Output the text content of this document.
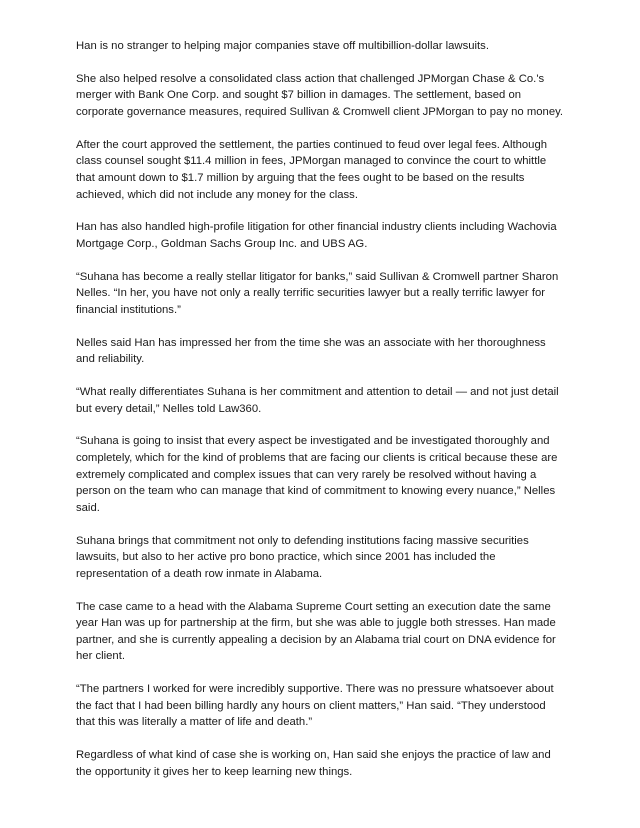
Han is no stranger to helping major companies stave off multibillion-dollar lawsuits.

She also helped resolve a consolidated class action that challenged JPMorgan Chase & Co.'s merger with Bank One Corp. and sought $7 billion in damages. The settlement, based on corporate governance measures, required Sullivan & Cromwell client JPMorgan to pay no money.

After the court approved the settlement, the parties continued to feud over legal fees. Although class counsel sought $11.4 million in fees, JPMorgan managed to convince the court to whittle that amount down to $1.7 million by arguing that the fees ought to be based on the results achieved, which did not include any money for the class.

Han has also handled high-profile litigation for other financial industry clients including Wachovia Mortgage Corp., Goldman Sachs Group Inc. and UBS AG.

“Suhana has become a really stellar litigator for banks,” said Sullivan & Cromwell partner Sharon Nelles. “In her, you have not only a really terrific securities lawyer but a really terrific lawyer for financial institutions.”

Nelles said Han has impressed her from the time she was an associate with her thoroughness and reliability.

“What really differentiates Suhana is her commitment and attention to detail — and not just detail but every detail,” Nelles told Law360.

“Suhana is going to insist that every aspect be investigated and be investigated thoroughly and completely, which for the kind of problems that are facing our clients is critical because these are extremely complicated and complex issues that can very rarely be resolved without having a person on the team who can manage that kind of commitment to knowing every nuance,” Nelles said.

Suhana brings that commitment not only to defending institutions facing massive securities lawsuits, but also to her active pro bono practice, which since 2001 has included the representation of a death row inmate in Alabama.

The case came to a head with the Alabama Supreme Court setting an execution date the same year Han was up for partnership at the firm, but she was able to juggle both stresses. Han made partner, and she is currently appealing a decision by an Alabama trial court on DNA evidence for her client.

“The partners I worked for were incredibly supportive. There was no pressure whatsoever about the fact that I had been billing hardly any hours on client matters,” Han said. “They understood that this was literally a matter of life and death.”

Regardless of what kind of case she is working on, Han said she enjoys the practice of law and the opportunity it gives her to keep learning new things.
